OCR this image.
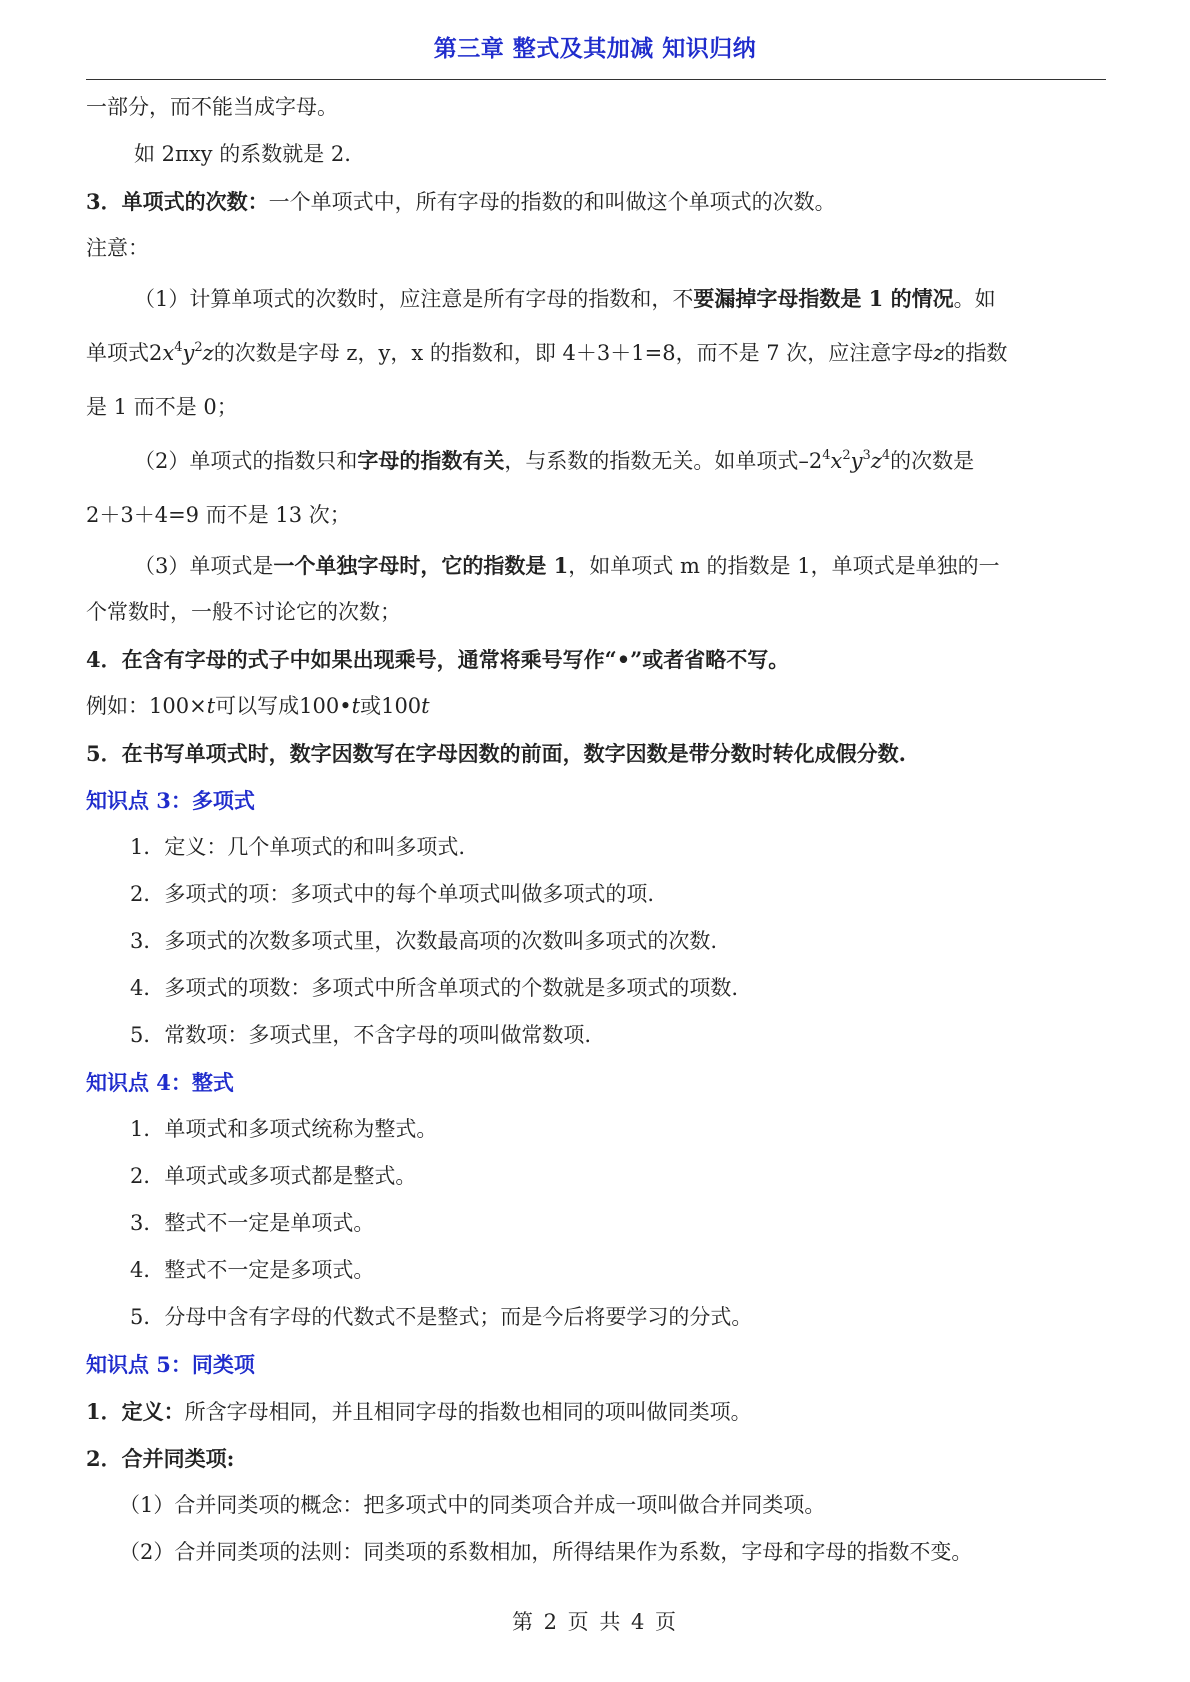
第三章 整式及其加减 知识归纳
一部分，而不能当成字母。
如 2πxy 的系数就是 2.
3．单项式的次数：一个单项式中，所有字母的指数的和叫做这个单项式的次数。
注意：
（1）计算单项式的次数时，应注意是所有字母的指数和，不要漏掉字母指数是 1 的情况。如
单项式$2x^4y^2z$的次数是字母 z，y，x 的指数和，即 4＋3＋1=8，而不是 7 次，应注意字母z的指数
是 1 而不是 0；
（2）单项式的指数只和字母的指数有关，与系数的指数无关。如单项式$-2^4x^2y^3z^4$的次数是
2＋3＋4=9 而不是 13 次；
（3）单项式是一个单独字母时，它的指数是 1，如单项式 m 的指数是 1，单项式是单独的一
个常数时，一般不讨论它的次数；
4．在含有字母的式子中如果出现乘号，通常将乘号写作“•”或者省略不写。
例如：100×t可以写成100•t或100t
5．在书写单项式时，数字因数写在字母因数的前面，数字因数是带分数时转化成假分数.
知识点 3：多项式
1．定义：几个单项式的和叫多项式.
2．多项式的项：多项式中的每个单项式叫做多项式的项.
3．多项式的次数多项式里，次数最高项的次数叫多项式的次数.
4．多项式的项数：多项式中所含单项式的个数就是多项式的项数.
5．常数项：多项式里，不含字母的项叫做常数项.
知识点 4：整式
1．单项式和多项式统称为整式。
2．单项式或多项式都是整式。
3．整式不一定是单项式。
4．整式不一定是多项式。
5．分母中含有字母的代数式不是整式；而是今后将要学习的分式。
知识点 5：同类项
1．定义：所含字母相同，并且相同字母的指数也相同的项叫做同类项。
2．合并同类项:
（1）合并同类项的概念：把多项式中的同类项合并成一项叫做合并同类项。
（2）合并同类项的法则：同类项的系数相加，所得结果作为系数，字母和字母的指数不变。
第 2 页 共 4 页
